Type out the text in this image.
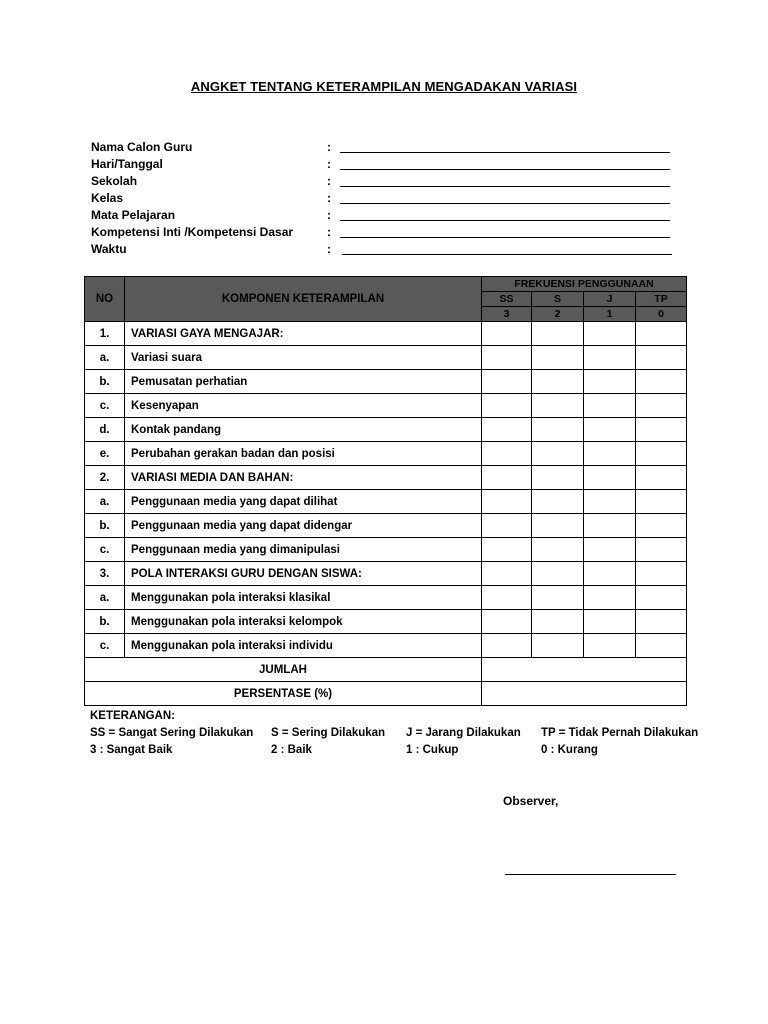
ANGKET TENTANG KETERAMPILAN MENGADAKAN VARIASI
Nama Calon Guru	:
Hari/Tanggal	:
Sekolah	:
Kelas	:
Mata Pelajaran	:
Kompetensi Inti /Kompetensi Dasar	:
Waktu	:
NO	KOMPONEN KETERAMPILAN	FREKUENSI PENGGUNAAN			
		SS	S	J	TP
		3	2	1	0
1.	VARIASI GAYA MENGAJAR:				
a.	Variasi suara				
b.	Pemusatan perhatian				
c.	Kesenyapan				
d.	Kontak pandang				
e.	Perubahan gerakan badan dan posisi				
2.	VARIASI MEDIA DAN BAHAN:				
a.	Penggunaan media yang dapat dilihat				
b.	Penggunaan media yang dapat didengar				
c.	Penggunaan media yang dimanipulasi				
3.	POLA INTERAKSI GURU DENGAN SISWA:				
a.	Menggunakan pola interaksi klasikal				
b.	Menggunakan pola interaksi kelompok				
c.	Menggunakan pola interaksi individu				
JUMLAH					
PERSENTASE (%)					
KETERANGAN:
SS = Sangat Sering Dilakukan S = Sering Dilakukan J = Jarang Dilakukan TP = Tidak Pernah Dilakukan
3 : Sangat Baik	2 : Baik	1 : Cukup	0 : Kurang
Observer,
